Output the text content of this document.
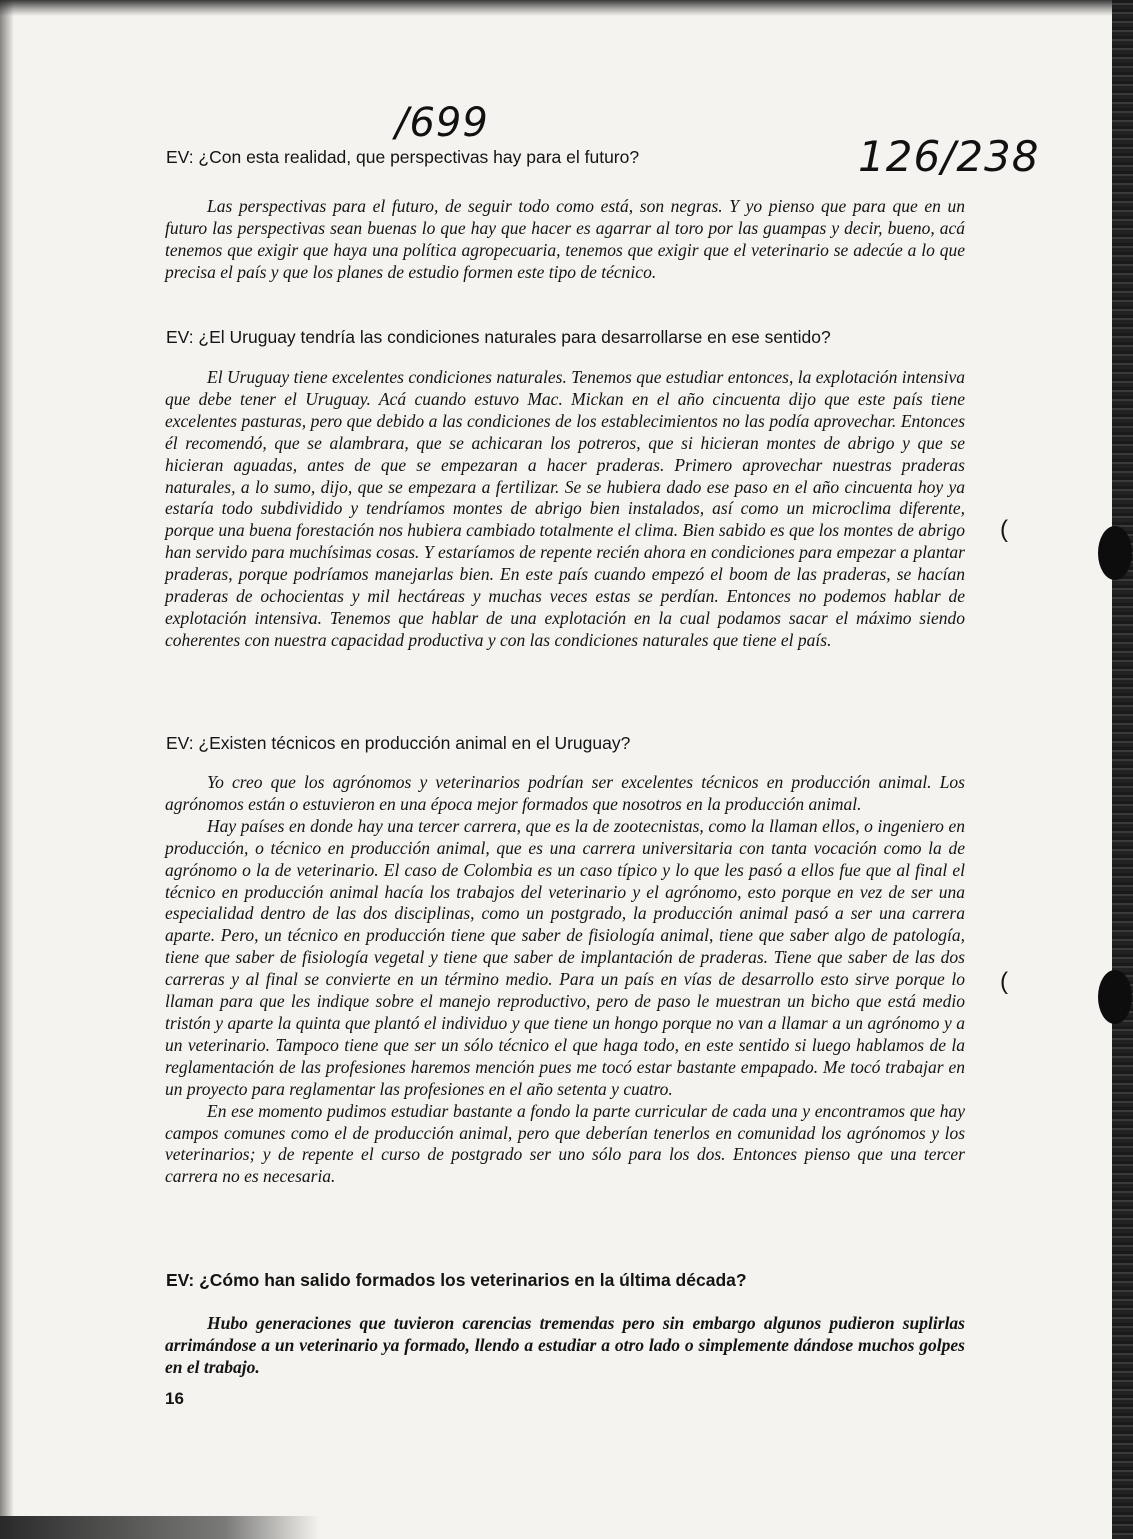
(
(
/699
126/238
EV: ¿Con esta realidad, que perspectivas hay para el futuro?

Las perspectivas para el futuro, de seguir todo como está, son negras. Y yo pienso que para que en un futuro las perspectivas sean buenas lo que hay que hacer es agarrar al toro por las guampas y decir, bueno, acá tenemos que exigir que haya una política agropecuaria, tenemos que exigir que el veterinario se adecúe a lo que precisa el país y que los planes de estudio formen este tipo de técnico.

EV: ¿El Uruguay tendría las condiciones naturales para desarrollarse en ese sentido?

El Uruguay tiene excelentes condiciones naturales. Tenemos que estudiar entonces, la explotación intensiva que debe tener el Uruguay. Acá cuando estuvo Mac. Mickan en el año cincuenta dijo que este país tiene excelentes pasturas, pero que debido a las condiciones de los establecimientos no las podía aprovechar. Entonces él recomendó, que se alambrara, que se achicaran los potreros, que si hicieran montes de abrigo y que se hicieran aguadas, antes de que se empezaran a hacer praderas. Primero aprovechar nuestras praderas naturales, a lo sumo, dijo, que se empezara a fertilizar. Se se hubiera dado ese paso en el año cincuenta hoy ya estaría todo subdividido y tendríamos montes de abrigo bien instalados, así como un microclima diferente, porque una buena forestación nos hubiera cambiado totalmente el clima. Bien sabido es que los montes de abrigo han servido para muchísimas cosas. Y estaríamos de repente recién ahora en condiciones para empezar a plantar praderas, porque podríamos manejarlas bien. En este país cuando empezó el boom de las praderas, se hacían praderas de ochocientas y mil hectáreas y muchas veces estas se perdían. Entonces no podemos hablar de explotación intensiva. Tenemos que hablar de una explotación en la cual podamos sacar el máximo siendo coherentes con nuestra capacidad productiva y con las condiciones naturales que tiene el país.

EV: ¿Existen técnicos en producción animal en el Uruguay?

Yo creo que los agrónomos y veterinarios podrían ser excelentes técnicos en producción animal. Los agrónomos están o estuvieron en una época mejor formados que nosotros en la producción animal.

Hay países en donde hay una tercer carrera, que es la de zootecnistas, como la llaman ellos, o ingeniero en producción, o técnico en producción animal, que es una carrera universitaria con tanta vocación como la de agrónomo o la de veterinario. El caso de Colombia es un caso típico y lo que les pasó a ellos fue que al final el técnico en producción animal hacía los trabajos del veterinario y el agrónomo, esto porque en vez de ser una especialidad dentro de las dos disciplinas, como un postgrado, la producción animal pasó a ser una carrera aparte. Pero, un técnico en producción tiene que saber de fisiología animal, tiene que saber algo de patología, tiene que saber de fisiología vegetal y tiene que saber de implantación de praderas. Tiene que saber de las dos carreras y al final se convierte en un término medio. Para un país en vías de desarrollo esto sirve porque lo llaman para que les indique sobre el manejo reproductivo, pero de paso le muestran un bicho que está medio tristón y aparte la quinta que plantó el individuo y que tiene un hongo porque no van a llamar a un agrónomo y a un veterinario. Tampoco tiene que ser un sólo técnico el que haga todo, en este sentido si luego hablamos de la reglamentación de las profesiones haremos mención pues me tocó estar bastante empapado. Me tocó trabajar en un proyecto para reglamentar las profesiones en el año setenta y cuatro.

En ese momento pudimos estudiar bastante a fondo la parte curricular de cada una y encontramos que hay campos comunes como el de producción animal, pero que deberían tenerlos en comunidad los agrónomos y los veterinarios; y de repente el curso de postgrado ser uno sólo para los dos. Entonces pienso que una tercer carrera no es necesaria.

EV: ¿Cómo han salido formados los veterinarios en la última década?

Hubo generaciones que tuvieron carencias tremendas pero sin embargo algunos pudieron suplirlas arrimándose a un veterinario ya formado, llendo a estudiar a otro lado o simplemente dándose muchos golpes en el trabajo.

16
